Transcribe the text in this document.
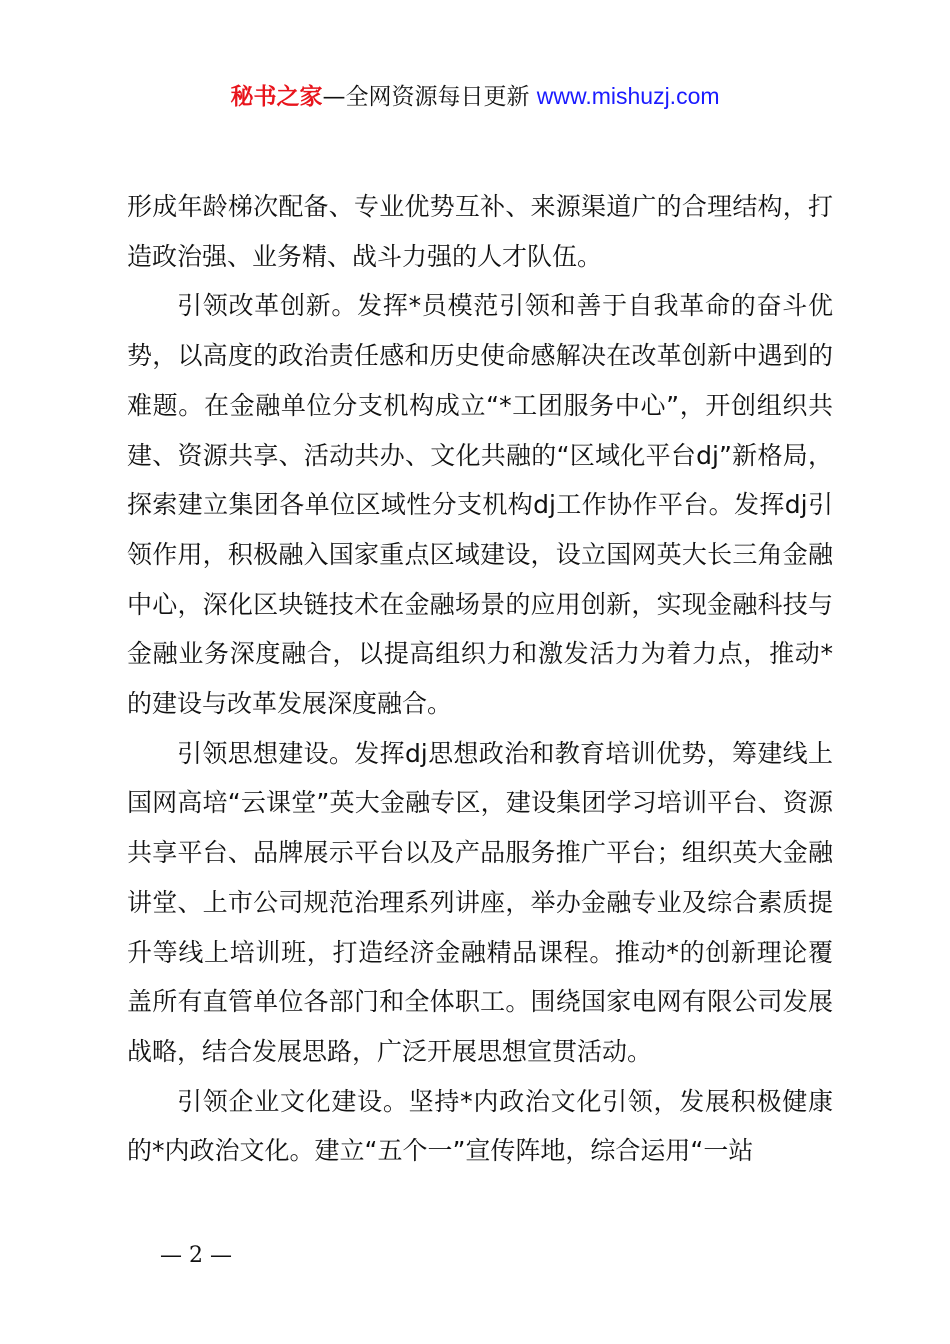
秘书之家—全网资源每日更新 www.mishuzj.com

形成年龄梯次配备、专业优势互补、来源渠道广的合理结构，打造政治强、业务精、战斗力强的人才队伍。

引领改革创新。发挥*员模范引领和善于自我革命的奋斗优势，以高度的政治责任感和历史使命感解决在改革创新中遇到的难题。在金融单位分支机构成立“*工团服务中心”，开创组织共建、资源共享、活动共办、文化共融的“区域化平台dj”新格局，探索建立集团各单位区域性分支机构dj工作协作平台。发挥dj引领作用，积极融入国家重点区域建设，设立国网英大长三角金融中心，深化区块链技术在金融场景的应用创新，实现金融科技与金融业务深度融合，以提高组织力和激发活力为着力点，推动*的建设与改革发展深度融合。

引领思想建设。发挥dj思想政治和教育培训优势，筹建线上国网高培“云课堂”英大金融专区，建设集团学习培训平台、资源共享平台、品牌展示平台以及产品服务推广平台；组织英大金融讲堂、上市公司规范治理系列讲座，举办金融专业及综合素质提升等线上培训班，打造经济金融精品课程。推动*的创新理论覆盖所有直管单位各部门和全体职工。围绕国家电网有限公司发展战略，结合发展思路，广泛开展思想宣贯活动。

引领企业文化建设。坚持*内政治文化引领，发展积极健康的*内政治文化。建立“五个一”宣传阵地，综合运用“一站

— 2 —
